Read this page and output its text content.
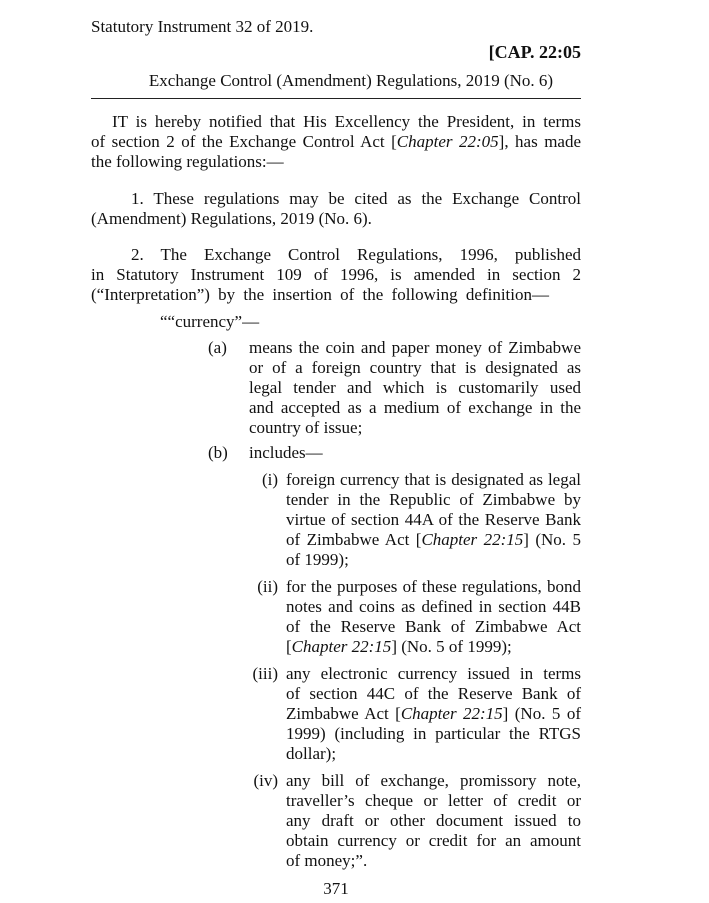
Statutory Instrument 32 of 2019.
[CAP. 22:05
Exchange Control (Amendment) Regulations, 2019 (No. 6)
IT is hereby notified that His Excellency the President, in terms
of section 2 of the Exchange Control Act [Chapter 22:05], has made
the following regulations:—
1. These regulations may be cited as the Exchange Control
(Amendment) Regulations, 2019 (No. 6).
2. The Exchange Control Regulations, 1996, published
in Statutory Instrument 109 of 1996, is amended in section 2
(“Interpretation”) by the insertion of the following definition—
““currency”—
(a) means the coin and paper money of Zimbabwe
or of a foreign country that is designated as
legal tender and which is customarily used
and accepted as a medium of exchange in the
country of issue;
(b) includes—
(i) foreign currency that is designated as legal
tender in the Republic of Zimbabwe by
virtue of section 44A of the Reserve Bank
of Zimbabwe Act [Chapter 22:15] (No. 5
of 1999);
(ii) for the purposes of these regulations, bond
notes and coins as defined in section 44B
of the Reserve Bank of Zimbabwe Act
[Chapter 22:15] (No. 5 of 1999);
(iii) any electronic currency issued in terms
of section 44C of the Reserve Bank of
Zimbabwe Act [Chapter 22:15] (No. 5 of
1999) (including in particular the RTGS
dollar);
(iv) any bill of exchange, promissory note,
traveller’s cheque or letter of credit or
any draft or other document issued to
obtain currency or credit for an amount
of money;”.
371
